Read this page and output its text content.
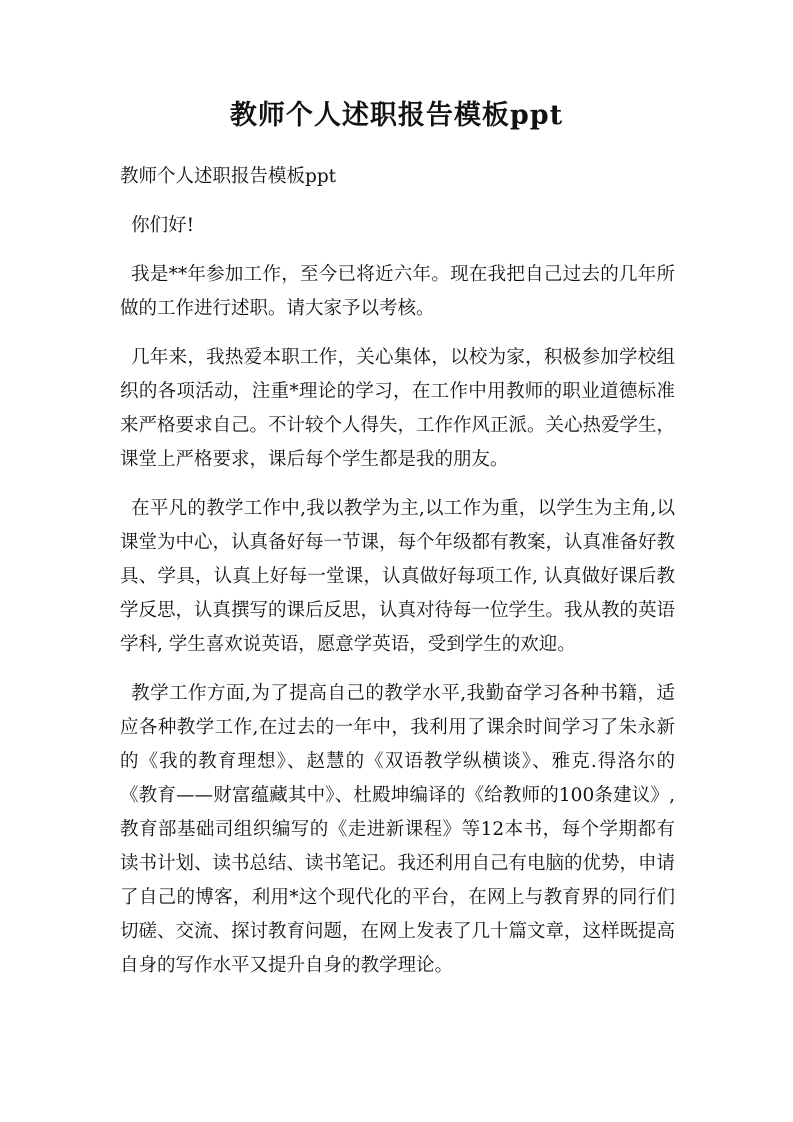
教师个人述职报告模板ppt

教师个人述职报告模板ppt

你们好!

我是**年参加工作，至今已将近六年。现在我把自己过去的几年所做的工作进行述职。请大家予以考核。

几年来，我热爱本职工作，关心集体，以校为家，积极参加学校组织的各项活动，注重*理论的学习，在工作中用教师的职业道德标准来严格要求自己。不计较个人得失，工作作风正派。关心热爱学生，课堂上严格要求，课后每个学生都是我的朋友。

在平凡的教学工作中,我以教学为主,以工作为重，以学生为主角,以课堂为中心，认真备好每一节课，每个年级都有教案，认真准备好教具、学具，认真上好每一堂课，认真做好每项工作, 认真做好课后教学反思，认真撰写的课后反思，认真对待每一位学生。我从教的英语学科, 学生喜欢说英语，愿意学英语，受到学生的欢迎。

教学工作方面,为了提高自己的教学水平,我勤奋学习各种书籍，适应各种教学工作,在过去的一年中，我利用了课余时间学习了朱永新的《我的教育理想》、赵慧的《双语教学纵横谈》、雅克.得洛尔的《教育——财富蕴藏其中》、杜殿坤编译的《给教师的100条建议》,教育部基础司组织编写的《走进新课程》等12本书，每个学期都有读书计划、读书总结、读书笔记。我还利用自己有电脑的优势，申请了自己的博客，利用*这个现代化的平台，在网上与教育界的同行们切磋、交流、探讨教育问题，在网上发表了几十篇文章，这样既提高自身的写作水平又提升自身的教学理论。
